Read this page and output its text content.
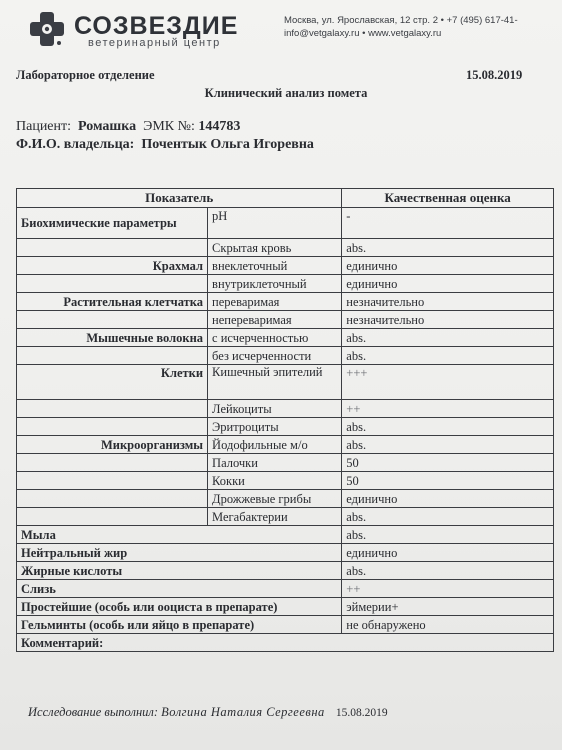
СОЗВЕЗДИЕ
ветеринарный центр
Москва, ул. Ярославская, 12 стр. 2 • +7 (495) 617-41-
info@vetgalaxy.ru • www.vetgalaxy.ru
Лабораторное отделение	15.08.2019
Клинический анализ помета
Пациент: Ромашка ЭМК №: 144783
Ф.И.О. владельца: Почентык Ольга Игоревна
Показатель		Качественная оценка
Биохимические параметры	pH	-
	Скрытая кровь	abs.
Крахмал	внеклеточный	единично
	внутриклеточный	единично
Растительная клетчатка	переваримая	незначительно
	непереваримая	незначительно
Мышечные волокна	с исчерченностью	abs.
	без исчерченности	abs.
Клетки	Кишечный эпителий	+++
	Лейкоциты	++
	Эритроциты	abs.
Микроорганизмы	Йодофильные м/о	abs.
	Палочки	50
	Кокки	50
	Дрожжевые грибы	единично
	Мегабактерии	abs.
Мыла		abs.
Нейтральный жир		единично
Жирные кислоты		abs.
Слизь		++
Простейшие (особь или ооциста в препарате)		эймерии+
Гельминты (особь или яйцо в препарате)		не обнаружено
Комментарий:		
Исследование выполнил: Волгина Наталия Сергеевна 15.08.2019
